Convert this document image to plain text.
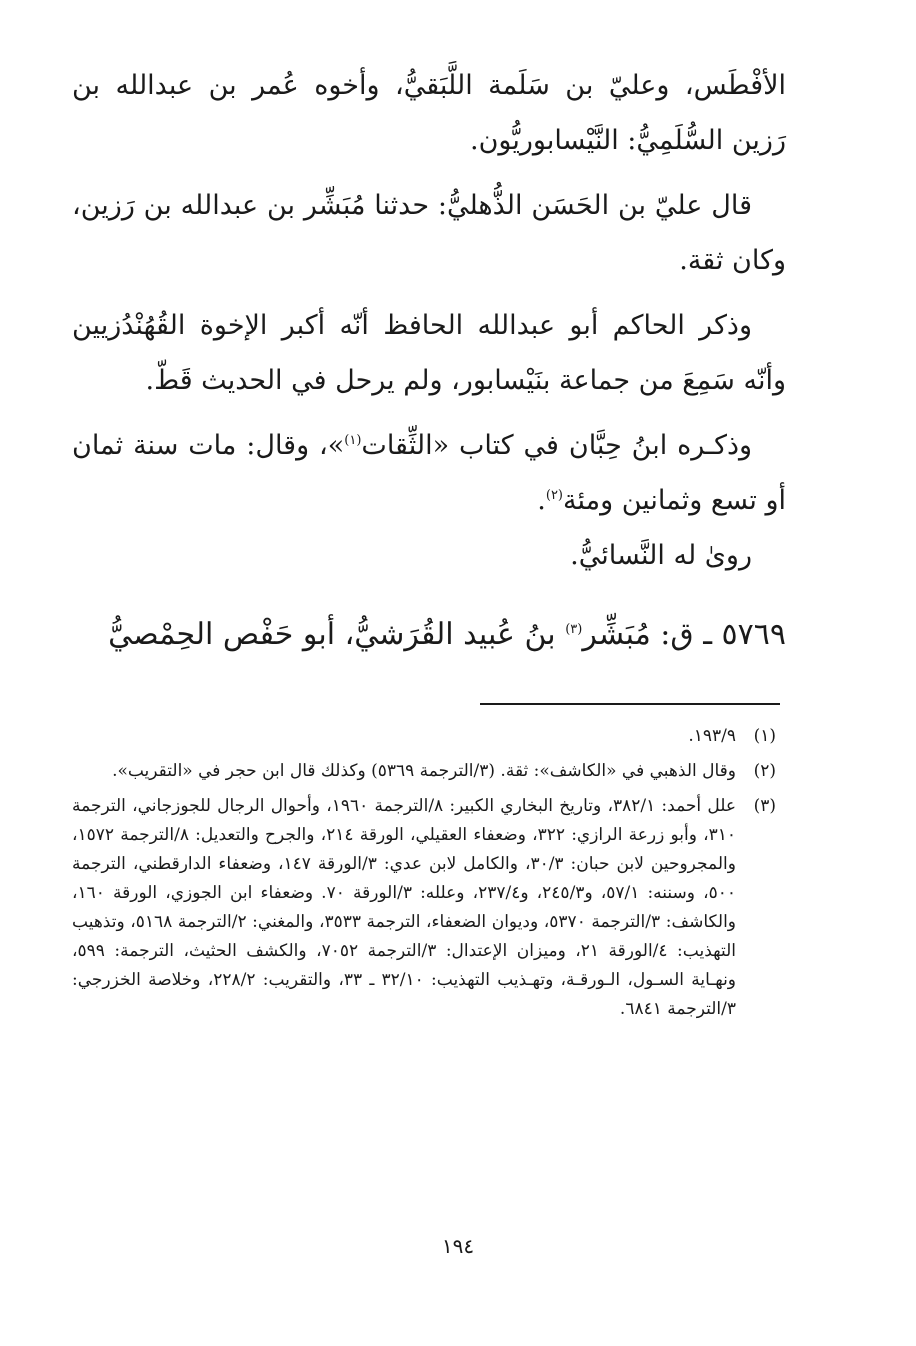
الأفْطَس، وعليّ بن سَلَمة اللَّبَقيُّ، وأخوه عُمر بن عبدالله بن رَزين السُّلَمِيُّ: النَّيْسابوريُّون.

قال عليّ بن الحَسَن الذُّهليُّ: حدثنا مُبَشِّر بن عبدالله بن رَزين، وكان ثقة.

وذكر الحاكم أبو عبدالله الحافظ أنّه أكبر الإخوة القُهُنْدُزيين وأنّه سَمِعَ من جماعة بنَيْسابور، ولم يرحل في الحديث قَطّ.

وذكـره ابنُ حِبَّان في كتاب «الثِّقات$^{(١)}$»، وقال: مات سنة ثمان أو تسع وثمانين ومئة$^{(٢)}$.

روىٰ له النَّسائيُّ.

٥٧٦٩ ـ ق: مُبَشِّر$^{(٣)}$ بنُ عُبيد القُرَشيُّ، أبو حَفْص الحِمْصيُّ

(١)
١٩٣/٩.
(٢)
وقال الذهبي في «الكاشف»: ثقة. (٣/الترجمة ٥٣٦٩) وكذلك قال ابن حجر في «التقريب».
(٣)
علل أحمد: ٣٨٢/١، وتاريخ البخاري الكبير: ٨/الترجمة ١٩٦٠، وأحوال الرجال للجوزجاني، الترجمة ٣١٠، وأبو زرعة الرازي: ٣٢٢، وضعفاء العقيلي، الورقة ٢١٤، والجرح والتعديل: ٨/الترجمة ١٥٧٢، والمجروحين لابن حبان: ٣٠/٣، والكامل لابن عدي: ٣/الورقة ١٤٧، وضعفاء الدارقطني، الترجمة ٥٠٠، وسننه: ٥٧/١، و٢٤٥/٣، و٢٣٧/٤، وعلله: ٣/الورقة ٧٠. وضعفاء ابن الجوزي، الورقة ١٦٠، والكاشف: ٣/الترجمة ٥٣٧٠، وديوان الضعفاء، الترجمة ٣٥٣٣، والمغني: ٢/الترجمة ٥١٦٨، وتذهيب التهذيب: ٤/الورقة ٢١، وميزان الإعتدال: ٣/الترجمة ٧٠٥٢، والكشف الحثيث، الترجمة: ٥٩٩، ونهـاية السـول، الـورقـة، وتهـذيب التهذيب: ٣٢/١٠ ـ ٣٣، والتقريب: ٢٢٨/٢، وخلاصة الخزرجي: ٣/الترجمة ٦٨٤١.
١٩٤
